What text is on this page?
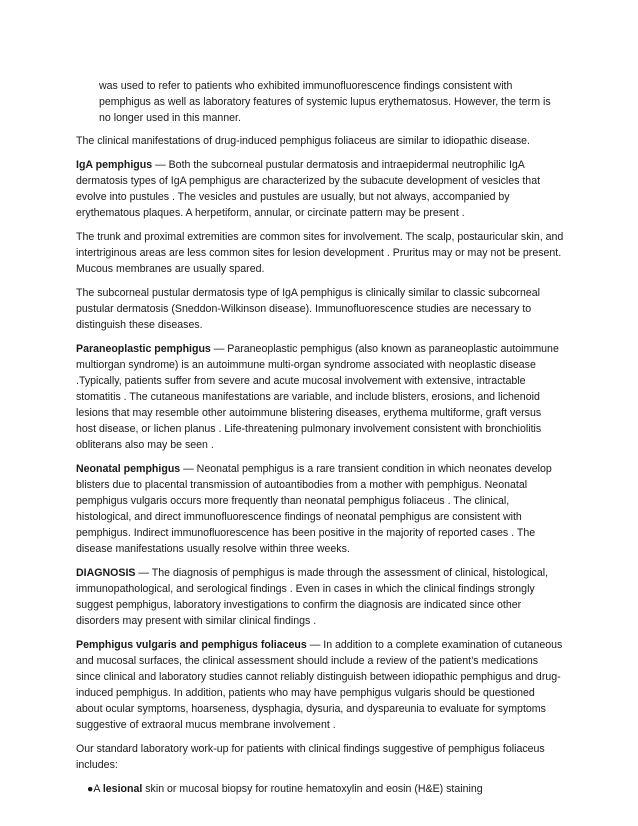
was used to refer to patients who exhibited immunofluorescence findings consistent with pemphigus as well as laboratory features of systemic lupus erythematosus. However, the term is no longer used in this manner.

The clinical manifestations of drug-induced pemphigus foliaceus are similar to idiopathic disease.

IgA pemphigus — Both the subcorneal pustular dermatosis and intraepidermal neutrophilic IgA dermatosis types of IgA pemphigus are characterized by the subacute development of vesicles that evolve into pustules . The vesicles and pustules are usually, but not always, accompanied by erythematous plaques. A herpetiform, annular, or circinate pattern may be present .

The trunk and proximal extremities are common sites for involvement. The scalp, postauricular skin, and intertriginous areas are less common sites for lesion development . Pruritus may or may not be present. Mucous membranes are usually spared.

The subcorneal pustular dermatosis type of IgA pemphigus is clinically similar to classic subcorneal pustular dermatosis (Sneddon-Wilkinson disease). Immunofluorescence studies are necessary to distinguish these diseases.

Paraneoplastic pemphigus — Paraneoplastic pemphigus (also known as paraneoplastic autoimmune multiorgan syndrome) is an autoimmune multi-organ syndrome associated with neoplastic disease .Typically, patients suffer from severe and acute mucosal involvement with extensive, intractable stomatitis . The cutaneous manifestations are variable, and include blisters, erosions, and lichenoid lesions that may resemble other autoimmune blistering diseases, erythema multiforme, graft versus host disease, or lichen planus . Life-threatening pulmonary involvement consistent with bronchiolitis obliterans also may be seen .

Neonatal pemphigus — Neonatal pemphigus is a rare transient condition in which neonates develop blisters due to placental transmission of autoantibodies from a mother with pemphigus. Neonatal pemphigus vulgaris occurs more frequently than neonatal pemphigus foliaceus . The clinical, histological, and direct immunofluorescence findings of neonatal pemphigus are consistent with pemphigus. Indirect immunofluorescence has been positive in the majority of reported cases . The disease manifestations usually resolve within three weeks.

DIAGNOSIS — The diagnosis of pemphigus is made through the assessment of clinical, histological, immunopathological, and serological findings . Even in cases in which the clinical findings strongly suggest pemphigus, laboratory investigations to confirm the diagnosis are indicated since other disorders may present with similar clinical findings .

Pemphigus vulgaris and pemphigus foliaceus — In addition to a complete examination of cutaneous and mucosal surfaces, the clinical assessment should include a review of the patient’s medications since clinical and laboratory studies cannot reliably distinguish between idiopathic pemphigus and drug-induced pemphigus. In addition, patients who may have pemphigus vulgaris should be questioned about ocular symptoms, hoarseness, dysphagia, dysuria, and dyspareunia to evaluate for symptoms suggestive of extraoral mucus membrane involvement .

Our standard laboratory work-up for patients with clinical findings suggestive of pemphigus foliaceus includes:

●A lesional skin or mucosal biopsy for routine hematoxylin and eosin (H&E) staining
